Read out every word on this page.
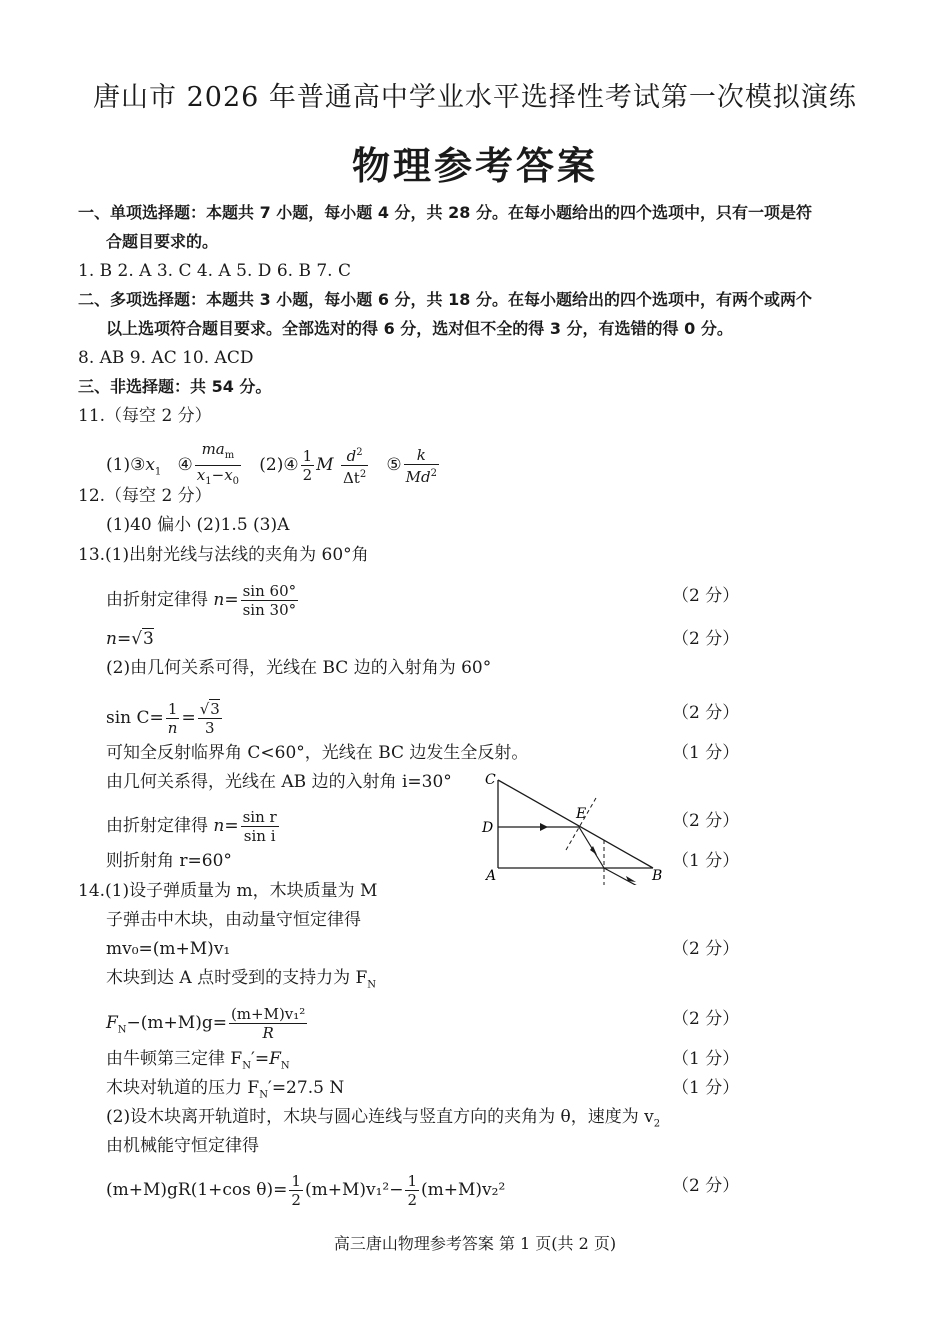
唐山市 2026 年普通高中学业水平选择性考试第一次模拟演练
物理参考答案
一、单项选择题：本题共 7 小题，每小题 4 分，共 28 分。在每小题给出的四个选项中，只有一项是符
合题目要求的。
1. B 2. A 3. C 4. A 5. D 6. B 7. C
二、多项选择题：本题共 3 小题，每小题 6 分，共 18 分。在每小题给出的四个选项中，有两个或两个
以上选项符合题目要求。全部选对的得 6 分，选对但不全的得 3 分，有选错的得 0 分。
8. AB 9. AC 10. ACD
三、非选择题：共 54 分。
11.（每空 2 分）
$(1)③x_1$ ④ $\frac{ma_m}{x_1-x_0}$ (2)④ $\frac{1}{2}$ M $\frac{d^2}{\Delta t^2}$ ⑤ $\frac{k}{Md^2}$
12.（每空 2 分）
(1)40 偏小 (2)1.5 (3)A
13.(1)出射光线与法线的夹角为 60°角
由折射定律得 $n= \frac{\sin 60^\circ}{\sin 30^\circ}$	（2 分）
n=√3	（2 分）
(2)由几何关系可得，光线在 BC 边的入射角为 60°
$\sin C= \frac{1}{n} = \frac{√3}{3}$	（2 分）
可知全反射临界角 C<60°，光线在 BC 边发生全反射。	（1 分）
由几何关系得，光线在 AB 边的入射角 i=30°
由折射定律得 $n= \frac{\text{sin r}}{\text{sin i}}$	（2 分）
则折射角 r=60°	（1 分）
C
D
E
A	B
14.(1)设子弹质量为 m，木块质量为 M
子弹击中木块，由动量守恒定律得
mv₀=(m+M)v₁	（2 分）
木块到达 A 点时受到的支持力为 $F_N$
$F_N-(m+M)g= \frac{\text{(m+M)v₁²}}{R}$	（2 分）
由牛顿第三定律 $F_N'=F_N$	（1 分）
木块对轨道的压力 $F_N'=27.5$ N	（1 分）
(2)设木块离开轨道时，木块与圆心连线与竖直方向的夹角为 θ，速度为 $v_2$
由机械能守恒定律得
(m+M)gR(1+cos $\theta)= \frac{1}{2} (m+M)v_1^2- \frac{1}{2} (m+M)v_2^2$	（2 分）
高三唐山物理参考答案 第 1 页(共 2 页)
